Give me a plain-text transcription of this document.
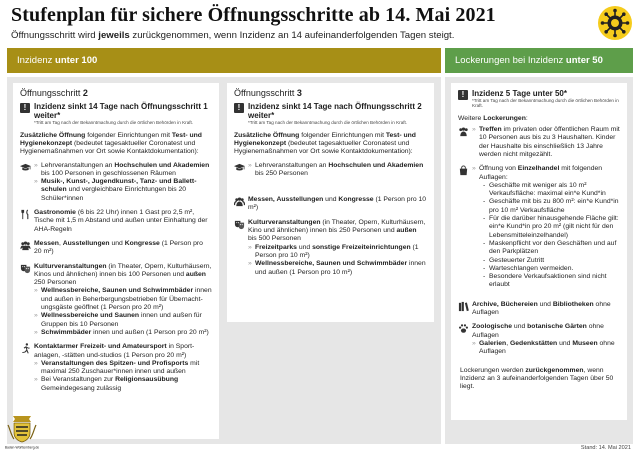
Stufenplan für sichere Öffnungsschritte ab 14. Mai 2021
Öffnungsschritt wird jeweils zurückgenommen, wenn Inzidenz an 14 aufeinanderfolgenden Tagen steigt.
Inzidenz unter 100	Lockerungen bei Inzidenz unter 50
Öffnungsschritt 2
! Inzidenz sinkt 14 Tage nach Öffnungsschritt 1 weiter*
*Tritt am Tag nach der Bekanntmachung durch die örtlichen Behörden in Kraft.
Zusätzliche Öffnung folgender Einrichtungen mit Test- und Hygienekonzept (bedeutet tagesaktueller Coronatest und Hygienemaßnahmen vor Ort sowie Kontaktdokumentation):
» Lehrveranstaltungen an Hochschulen und Akademien bis 100 Personen in geschlossenen Räumen
» Musik-, Kunst-, Jugendkunst-, Tanz- und Ballettschulen und vergleichbare Einrichtungen bis 20 Schüler*innen
Gastronomie (6 bis 22 Uhr) innen 1 Gast pro 2,5 m², Tische mit 1,5 m Abstand und außen unter Einhaltung der AHA-Regeln
Messen, Ausstellungen und Kongresse (1 Person pro 20 m²)
Kulturveranstaltungen (in Theater, Opern, Kulturhäusern, Kinos und ähnlichen) innen bis 100 Personen und außen 250 Personen
» Wellnessbereiche, Saunen und Schwimmbäder innen und außen in Beherbergungsbetrieben für Übernachtungsgäste geöffnet (1 Person pro 20 m²)
» Wellnessbereiche und Saunen innen und außen für Gruppen bis 10 Personen
» Schwimmbäder innen und außen (1 Person pro 20 m²)
Kontaktarmer Freizeit- und Amateursport in Sportanlagen, -stätten und-studios (1 Person pro 20 m²)
» Veranstaltungen des Spitzen- und Profisports mit maximal 250 Zuschauer*innen innen und außen
» Bei Veranstaltungen zur Religionsausübung Gemeindegesang zulässig
Öffnungsschritt 3
! Inzidenz sinkt 14 Tage nach Öffnungsschritt 2 weiter*
*Tritt am Tag nach der Bekanntmachung durch die örtlichen Behörden in Kraft.
Zusätzliche Öffnung folgender Einrichtungen mit Test- und Hygienekonzept (bedeutet tagesaktueller Coronatest und Hygienemaßnahmen vor Ort sowie Kontaktdokumentation):
» Lehrveranstaltungen an Hochschulen und Akademien bis 250 Personen
Messen, Ausstellungen und Kongresse (1 Person pro 10 m²)
Kulturveranstaltungen (in Theater, Opern, Kulturhäusern, Kino und ähnlichen) innen bis 250 Personen und außen bis 500 Personen
» Freizeitparks und sonstige Freizeiteinrichtungen (1 Person pro 10 m²)
» Wellnessbereiche, Saunen und Schwimmbäder innen und außen (1 Person pro 10 m²)
! Inzidenz 5 Tage unter 50*
*Tritt am Tag nach der Bekanntmachung durch die örtlichen Behörden in Kraft.
Weitere Lockerungen:
» Treffen im privaten oder öffentlichen Raum mit 10 Personen aus bis zu 3 Haushalten. Kinder der Haushalte bis einschließlich 13 Jahre werden nicht mitgezählt.
» Öffnung von Einzelhandel mit folgenden Auflagen:
- Geschäfte mit weniger als 10 m² Verkaufsfläche: maximal ein*e Kund*in
- Geschäfte mit bis zu 800 m²: ein*e Kund*in pro 10 m² Verkaufsfläche
- Für die darüber hinausgehende Fläche gilt: ein*e Kund*in pro 20 m² (gilt nicht für den Lebensmitteleinzelhandel)
- Maskenpflicht vor den Geschäften und auf den Parkplätzen
- Gesteuerter Zutritt
- Warteschlangen vermeiden.
- Besondere Verkaufsaktionen sind nicht erlaubt
Archive, Büchereien und Bibliotheken ohne Auflagen
Zoologische und botanische Gärten ohne Auflagen
» Galerien, Gedenkstätten und Museen ohne Auflagen
Lockerungen werden zurückgenommen, wenn Inzidenz an 3 aufeinanderfolgenden Tagen über 50 liegt.
Stand: 14. Mai 2021
Baden-Württemberg.de
